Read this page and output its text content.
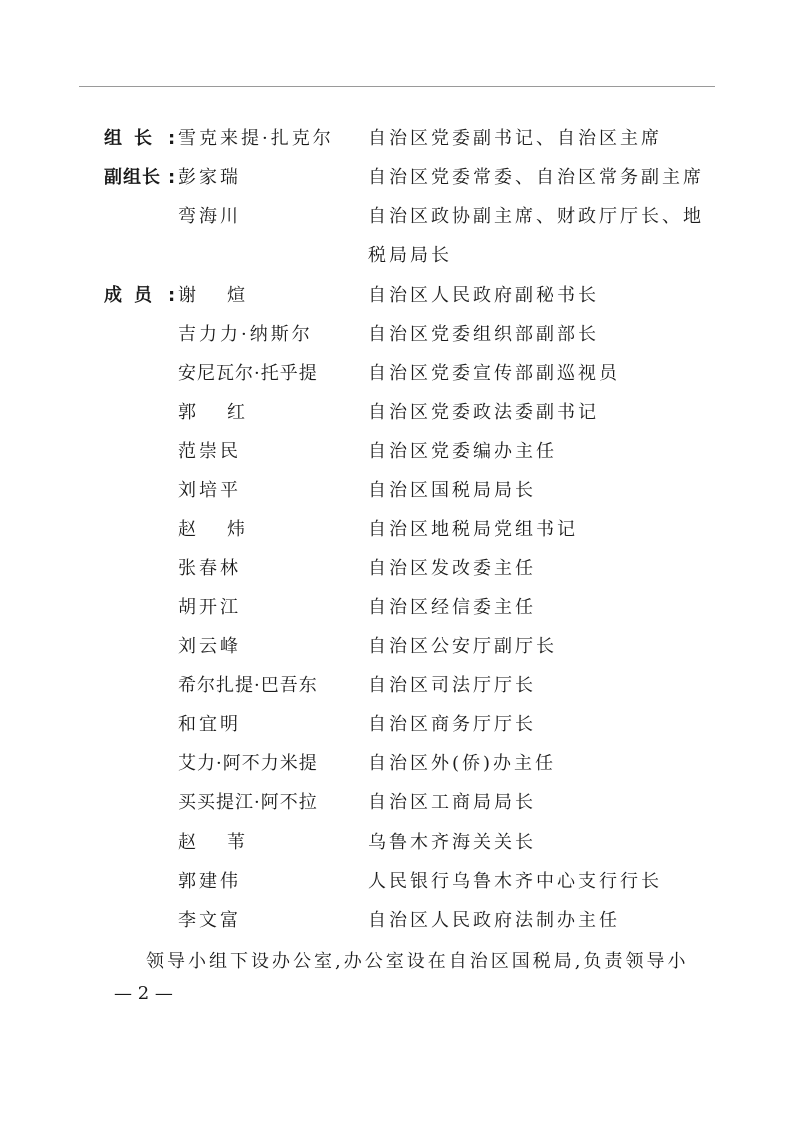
组长 : 雪克来提·扎克尔 自治区党委副书记、自治区主席
副组长 : 彭家瑞	自治区党委常委、自治区常务副主席
弯海川	自治区政协副主席、财政厅厅长、地
税局局长
成员 : 谢煊	自治区人民政府副秘书长
吉力力·纳斯尔	自治区党委组织部副部长
安尼瓦尔·托乎提	自治区党委宣传部副巡视员
郭红	自治区党委政法委副书记
范崇民	自治区党委编办主任
刘培平	自治区国税局局长
赵炜	自治区地税局党组书记
张春林	自治区发改委主任
胡开江	自治区经信委主任
刘云峰	自治区公安厅副厅长
希尔扎提·巴吾东	自治区司法厅厅长
和宜明	自治区商务厅厅长
艾力·阿不力米提	自治区外(侨)办主任
买买提江·阿不拉	自治区工商局局长
赵苇	乌鲁木齐海关关长
郭建伟	人民银行乌鲁木齐中心支行行长
李文富	自治区人民政府法制办主任
领导小组下设办公室,办公室设在自治区国税局,负责领导小
— 2 —
